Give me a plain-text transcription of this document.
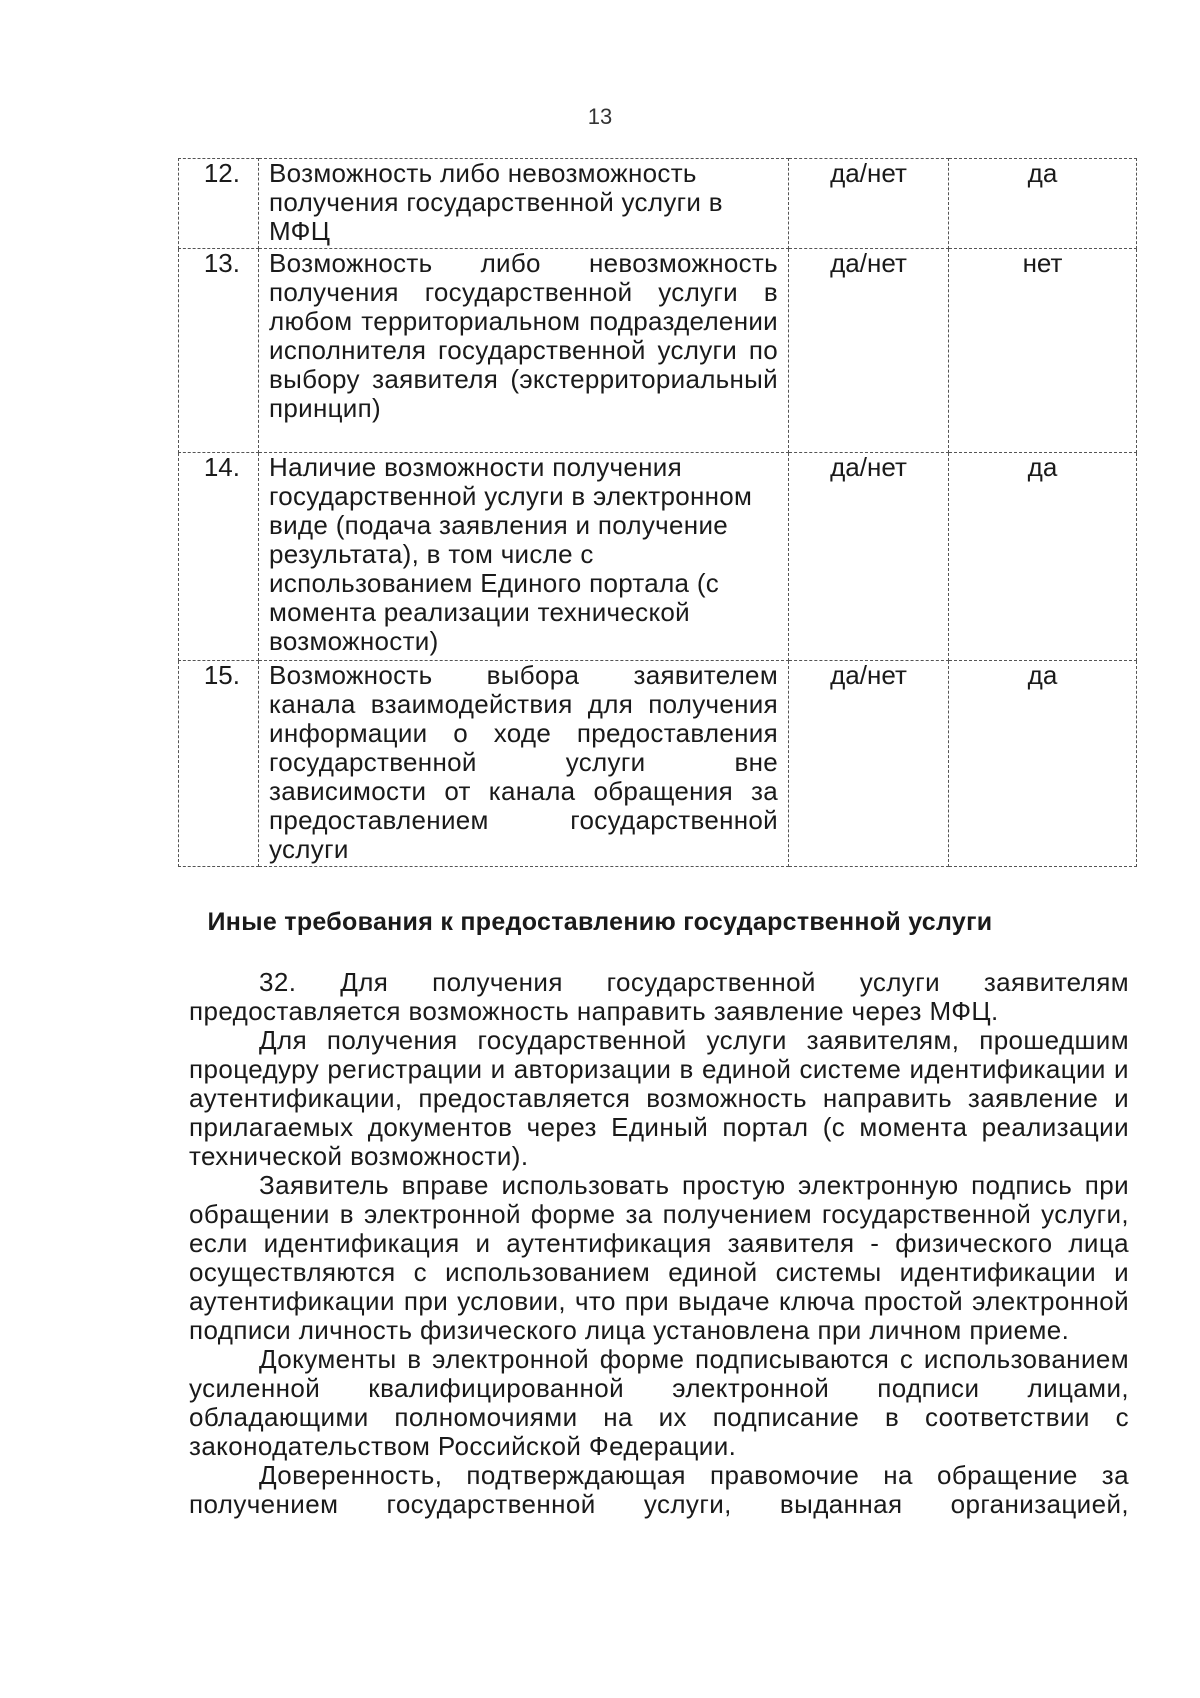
13
12.	Возможность либо невозможность получения государственной услуги в МФЦ	да/нет	да
13.	Возможность либо невозможность получения государственной услуги в любом территориальном подразделении исполнителя государственной услуги по выбору заявителя (экстерриториальный принцип)	да/нет	нет
14.	Наличие возможности получения государственной услуги в электронном виде (подача заявления и получение результата), в том числе с использованием Единого портала (с момента реализации технической возможности)	да/нет	да
15.	Возможность выбора заявителем канала взаимодействия для получения информации о ходе предоставления государственной услуги вне зависимости от канала обращения за предоставлением государственной услуги	да/нет	да
Иные требования к предоставлению государственной услуги

32. Для получения государственной услуги заявителям предоставляется возможность направить заявление через МФЦ.

Для получения государственной услуги заявителям, прошедшим процедуру регистрации и авторизации в единой системе идентификации и аутентификации, предоставляется возможность направить заявление и прилагаемых документов через Единый портал (с момента реализации технической возможности).

Заявитель вправе использовать простую электронную подпись при обращении в электронной форме за получением государственной услуги, если идентификация и аутентификация заявителя - физического лица осуществляются с использованием единой системы идентификации и аутентификации при условии, что при выдаче ключа простой электронной подписи личность физического лица установлена при личном приеме.

Документы в электронной форме подписываются с использованием усиленной квалифицированной электронной подписи лицами, обладающими полномочиями на их подписание в соответствии с законодательством Российской Федерации.

Доверенность, подтверждающая правомочие на обращение за получением государственной услуги, выданная организацией,
